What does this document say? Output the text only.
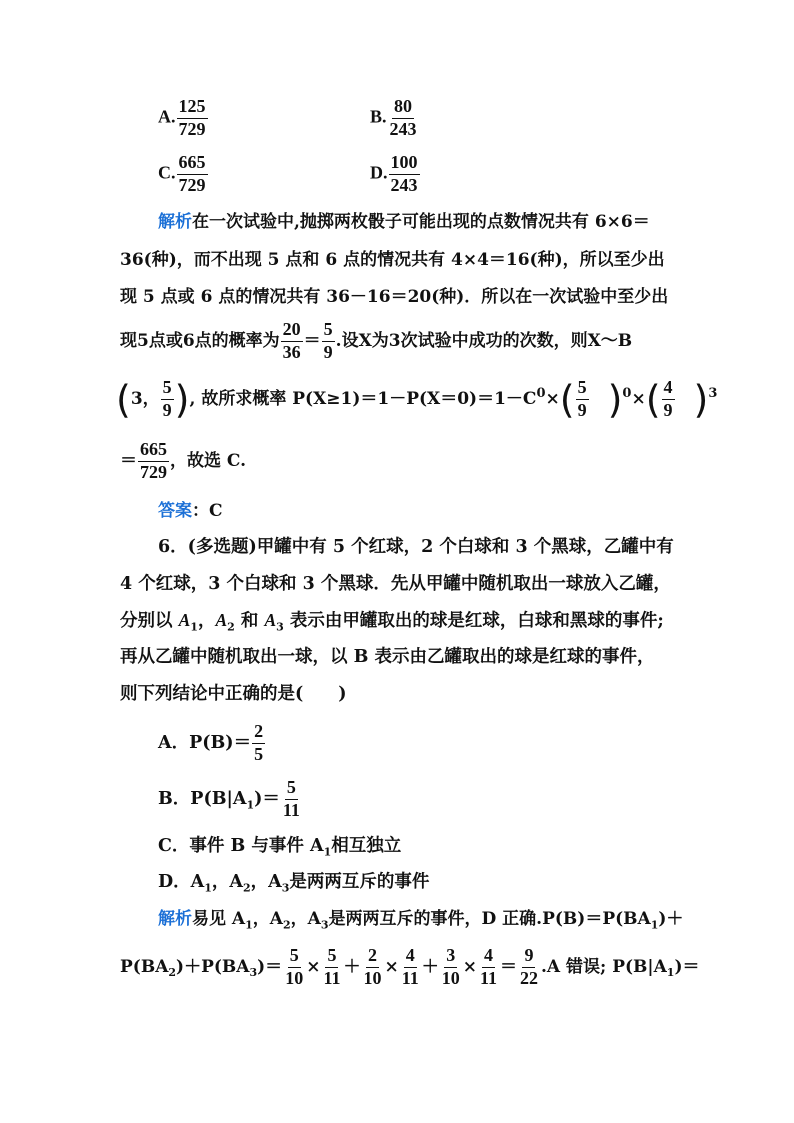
A. $\frac{125}{729}$	B. $\frac{80}{243}$
C. $\frac{665}{729}$	D. $\frac{100}{243}$
解析在一次试验中,抛掷两枚骰子可能出现的点数情况共有 6×6＝
36(种)，而不出现 5 点和 6 点的情况共有 4×4＝16(种)，所以至少出
现 5 点或 6 点的情况共有 36－16＝20(种)．所以在一次试验中至少出
现5点或6点的概率为 $\frac{20}{36} = \frac{5}{9}$ .设X为3次试验中成功的次数，则X～B
(3， $\frac{5}{9}$ ), 故所求概率 $P(X\ge 1)=1-P(X=0)=1-C^0\times( \frac{5}{9} )^0\times( \frac{4}{9} )^3$
＝ $\frac{665}{729}$ ，故选 C.
答案：C
6．(多选题)甲罐中有 5 个红球，2 个白球和 3 个黑球，乙罐中有
4 个红球，3 个白球和 3 个黑球．先从甲罐中随机取出一球放入乙罐，
分别以 $A_1$，$A_2$ 和 $A_3$ 表示由甲罐取出的球是红球，白球和黑球的事件;
再从乙罐中随机取出一球，以 B 表示由乙罐取出的球是红球的事件，
则下列结论中正确的是(　　)
A．$P(B)= \frac{2}{5}$
B．$P(B|A_1)= \frac{5}{11}$
C．事件 B 与事件 $A_1$相互独立
D．$A_1$，$A_2$，$A_3$是两两互斥的事件
解析易见 $A_1$，$A_2$，$A_3$是两两互斥的事件，D 正确$.P(B)=P(BA_1)+$
$P(BA_2)+P(BA_3)= \frac{5}{10} \times \frac{5}{11} + \frac{2}{10} \times \frac{4}{11} + \frac{3}{10} \times \frac{4}{11} = \frac{9}{22} .A$ 错误; $P(B|A_1)=$
